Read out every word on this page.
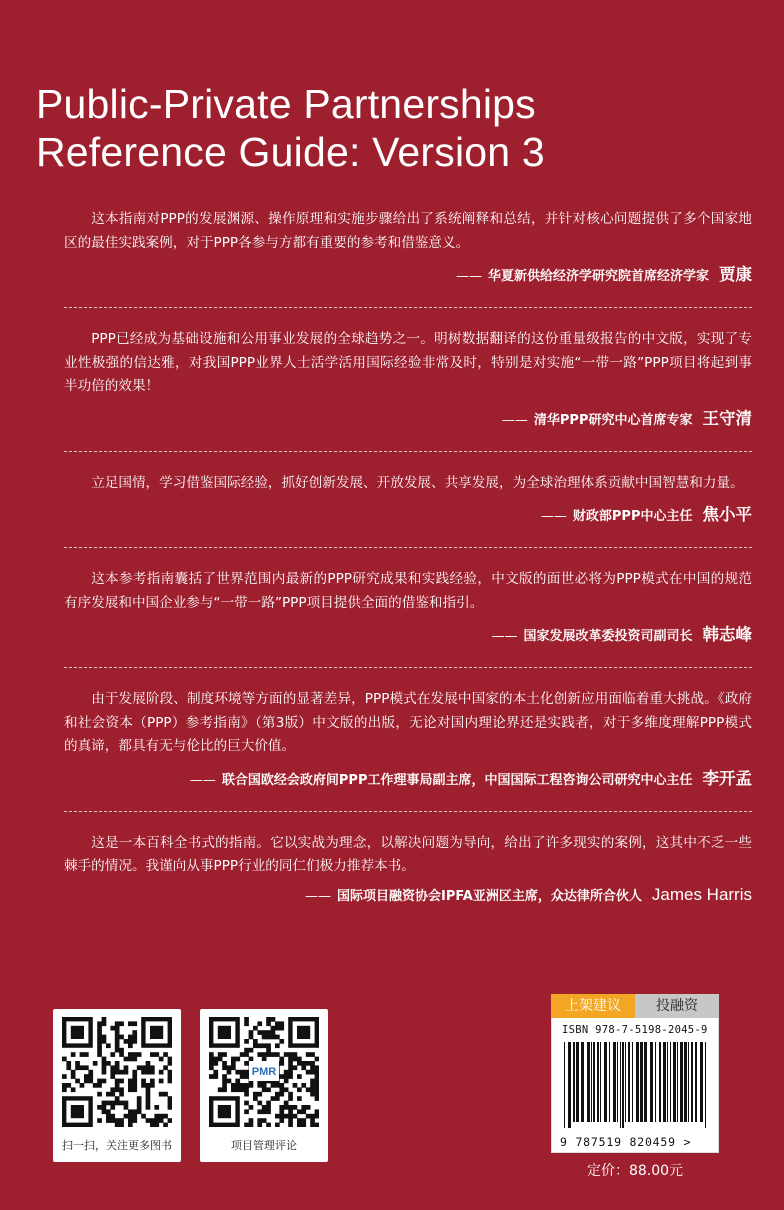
Public-Private Partnerships
Reference Guide: Version 3

这本指南对PPP的发展渊源、操作原理和实施步骤给出了系统阐释和总结，并针对核心问题提供了多个国家地区的最佳实践案例，对于PPP各参与方都有重要的参考和借鉴意义。

—— 华夏新供给经济学研究院首席经济学家 贾康

PPP已经成为基础设施和公用事业发展的全球趋势之一。明树数据翻译的这份重量级报告的中文版，实现了专业性极强的信达雅，对我国PPP业界人士活学活用国际经验非常及时，特别是对实施“一带一路”PPP项目将起到事半功倍的效果！

—— 清华PPP研究中心首席专家 王守清

立足国情，学习借鉴国际经验，抓好创新发展、开放发展、共享发展，为全球治理体系贡献中国智慧和力量。

—— 财政部PPP中心主任 焦小平

这本参考指南囊括了世界范围内最新的PPP研究成果和实践经验，中文版的面世必将为PPP模式在中国的规范有序发展和中国企业参与“一带一路”PPP项目提供全面的借鉴和指引。

—— 国家发展改革委投资司副司长 韩志峰

由于发展阶段、制度环境等方面的显著差异，PPP模式在发展中国家的本土化创新应用面临着重大挑战。《政府和社会资本（PPP）参考指南》（第3版）中文版的出版，无论对国内理论界还是实践者，对于多维度理解PPP模式的真谛，都具有无与伦比的巨大价值。

—— 联合国欧经会政府间PPP工作理事局副主席，中国国际工程咨询公司研究中心主任 李开孟

这是一本百科全书式的指南。它以实战为理念，以解决问题为导向，给出了许多现实的案例，这其中不乏一些棘手的情况。我谨向从事PPP行业的同仁们极力推荐本书。

—— 国际项目融资协会IPFA亚洲区主席，众达律所合伙人 James Harris

扫一扫，关注更多图书
PMR
项目管理评论
上架建议	投融资
ISBN 978-7-5198-2045-9
9 787519 820459 >
定价：88.00元
